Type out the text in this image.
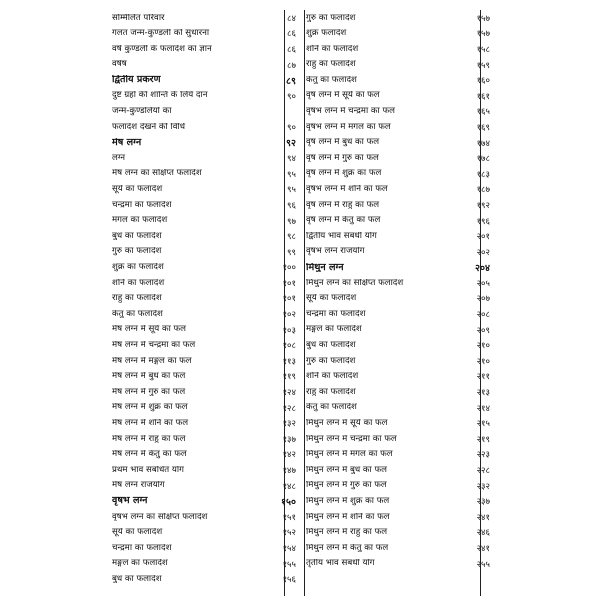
सम्मिलित परिवार	८४
गलत जन्म-कुण्डली को सुधारना	८६
वर्ष कुण्डली के फलादेश का ज्ञान	८६
वर्षेष	८७
द्वितीय प्रकरण	८९
दुष्ट ग्रहों की शान्ति के लिये दान	९०
जन्म-कुण्डलियों का
फलादेश देखने की विधि	९०
मेष लग्न	९२
लग्न	९४
मेष लग्न का संक्षिप्त फलादेश	९५
सूर्य का फलादेश	९५
चन्द्रमा का फलादेश	९६
मंगल का फलादेश	९७
बुध का फलादेश	९८
गुरु का फलादेश	९९
शुक्र का फलादेश	१००
शनि का फलादेश	१०१
राहु का फलादेश	१०१
केतु का फलादेश	१०२
मेष लग्न में सूर्य का फल	१०३
मेष लग्न में चन्द्रमा का फल	१०८
मेष लग्न में मङ्गल का फल	११३
मेष लग्न में बुध का फल	११९
मेष लग्न में गुरु का फल	१२४
मेष लग्न में शुक्र का फल	१२८
मेष लग्न में शनि का फल	१३२
मेष लग्न में राहु का फल	१३७
मेष लग्न में केतु का फल	१४२
प्रथम भाव संबंधित योग	१४७
मेष लग्न राजयोग	१४८
वृषभ लग्न	१५०
वृषभ लग्न का संक्षिप्त फलादेश	१५१
सूर्य का फलादेश	१५२
चन्द्रमा का फलादेश	१५४
मङ्गल का फलादेश	१५५
बुध का फलादेश	१५६
गुरु का फलादेश	१५७
शुक्र फलादेश	१५७
शनि का फलादेश	१५८
राहु का फलादेश	१५९
केतु का फलादेश	१६०
वृष लग्न में सूर्य का फल	१६१
वृषभ लग्न में चन्द्रमा का फल	१६५
वृषभ लग्न में मंगल का फल	१६९
वृष लग्न में बुध का फल	१७४
वृष लग्न में गुरु का फल	१७८
वृष लग्न में शुक्र का फल	१८३
वृषभ लग्न में शनि का फल	१८७
वृष लग्न में राहु का फल	१९२
वृष लग्न में केतु का फल	१९६
द्वितीय भाव संबंधी योग	२०१
वृषभ लग्न राजयोग	२०२
मिथुन लग्न	२०४
मिथुन लग्न का संक्षिप्त फलादेश	२०५
सूर्य का फलादेश	२०७
चन्द्रमा का फलादेश	२०८
मङ्गल का फलादेश	२०९
बुध का फलादेश	२१०
गुरु का फलादेश	२१०
शनि का फलादेश	२११
राहु का फलादेश	२१३
केतु का फलादेश	२१४
मिथुन लग्न में सूर्य का फल	२१५
मिथुन लग्न में चन्द्रमा का फल	२१९
मिथुन लग्न में मंगल का फल	२२३
मिथुन लग्न में बुध का फल	२२८
मिथुन लग्न में गुरु का फल	२३२
मिथुन लग्न में शुक्र का फल	२३७
मिथुन लग्न में शनि का फल	२४१
मिथुन लग्न में राहु का फल	२४६
मिथुन लग्न में केतु का फल	२४१
तृतीय भाव संबंधी योग	२५५
